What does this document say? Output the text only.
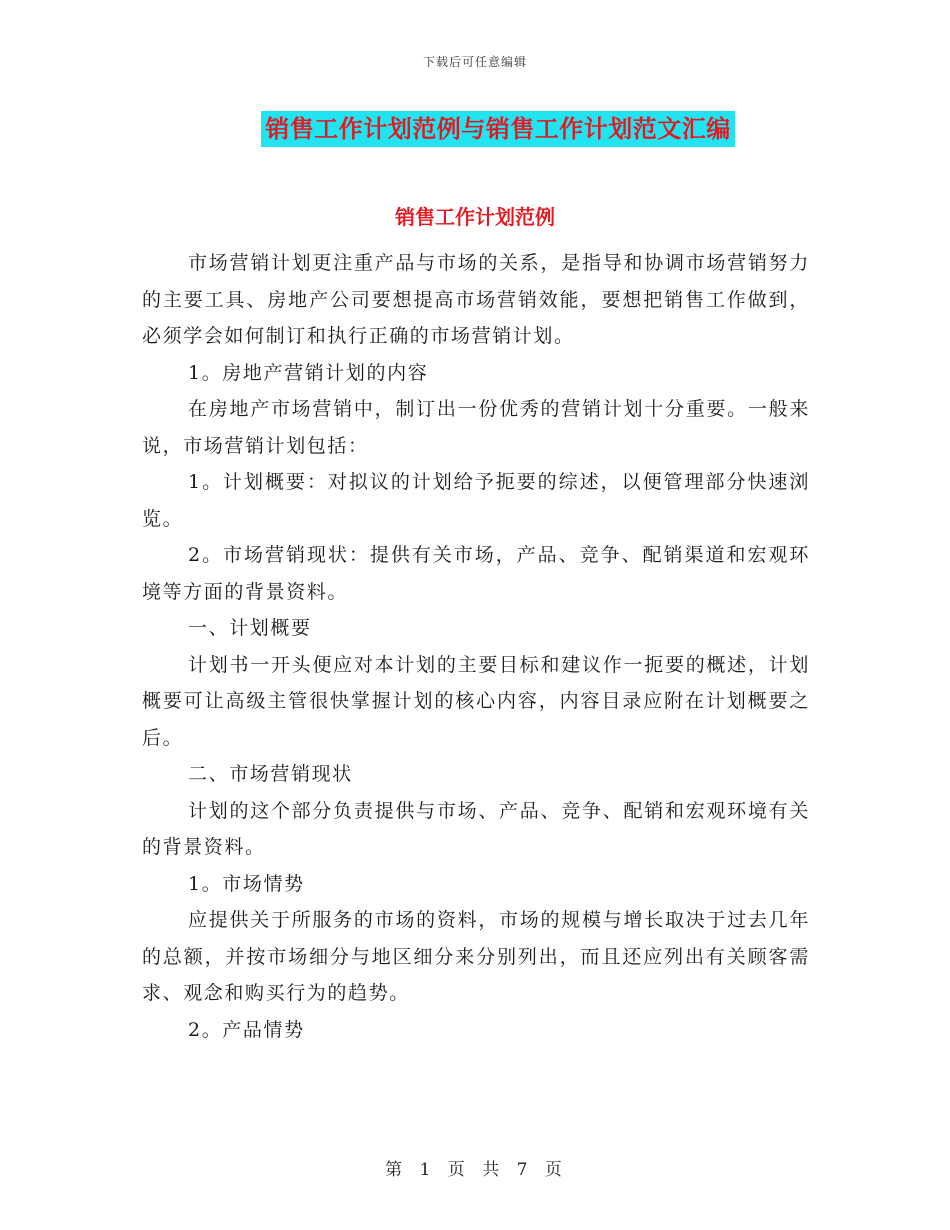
下载后可任意编辑
销售工作计划范例与销售工作计划范文汇编
销售工作计划范例

市场营销计划更注重产品与市场的关系，是指导和协调市场营销努力的主要工具、房地产公司要想提高市场营销效能，要想把销售工作做到，必须学会如何制订和执行正确的市场营销计划。

1。房地产营销计划的内容

在房地产市场营销中，制订出一份优秀的营销计划十分重要。一般来说，市场营销计划包括：

1。计划概要：对拟议的计划给予扼要的综述，以便管理部分快速浏览。

2。市场营销现状：提供有关市场，产品、竞争、配销渠道和宏观环境等方面的背景资料。

一、计划概要

计划书一开头便应对本计划的主要目标和建议作一扼要的概述，计划概要可让高级主管很快掌握计划的核心内容，内容目录应附在计划概要之后。

二、市场营销现状

计划的这个部分负责提供与市场、产品、竞争、配销和宏观环境有关的背景资料。

1。市场情势

应提供关于所服务的市场的资料，市场的规模与增长取决于过去几年的总额，并按市场细分与地区细分来分别列出，而且还应列出有关顾客需求、观念和购买行为的趋势。

2。产品情势

第 1 页 共 7 页
